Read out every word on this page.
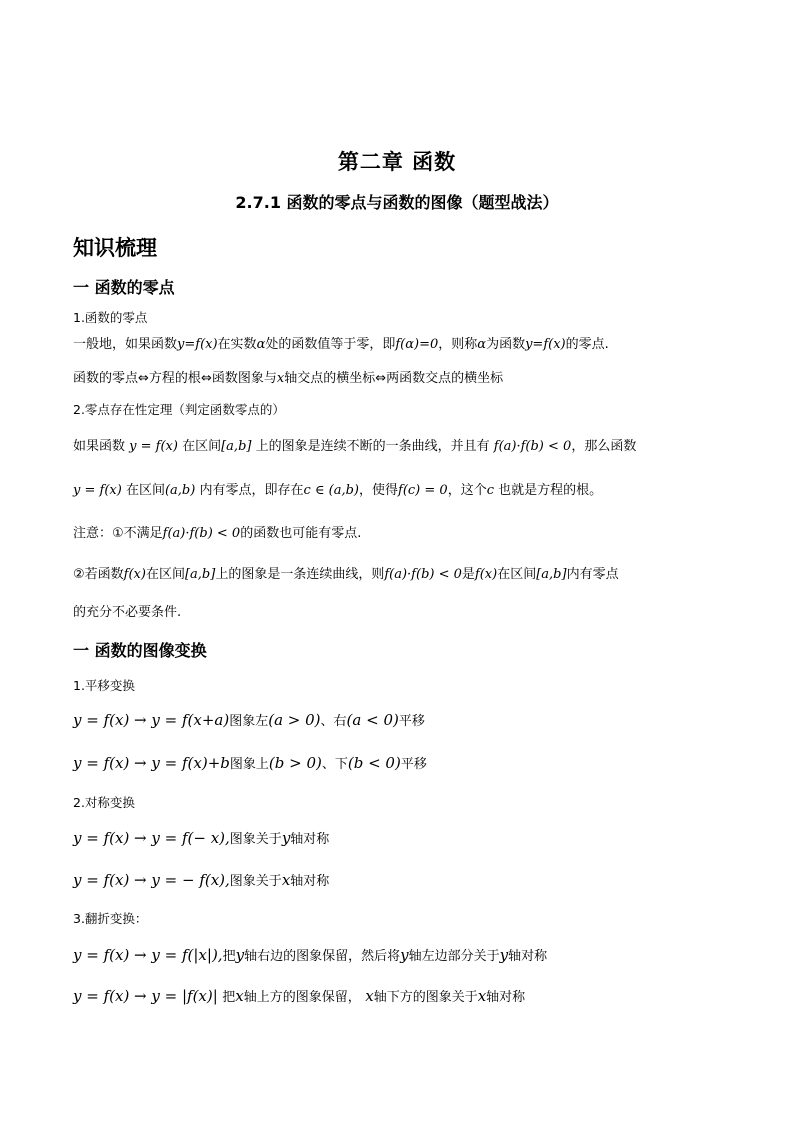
第二章 函数
2.7.1 函数的零点与函数的图像（题型战法）
知识梳理
一 函数的零点
1.函数的零点
一般地，如果函数y=f(x)在实数α处的函数值等于零，即f(α)=0，则称α为函数y=f(x)的零点.
函数的零点⇔方程的根⇔函数图象与x轴交点的横坐标⇔两函数交点的横坐标
2.零点存在性定理（判定函数零点的）
如果函数 y = f(x) 在区间[a,b] 上的图象是连续不断的一条曲线，并且有 f(a)·f(b) < 0，那么函数
y = f(x) 在区间(a,b) 内有零点，即存在c ∈ (a,b)，使得f(c) = 0，这个c 也就是方程的根。
注意：①不满足f(a)·f(b) < 0的函数也可能有零点.
②若函数f(x)在区间[a,b]上的图象是一条连续曲线，则f(a)·f(b) < 0是f(x)在区间[a,b]内有零点
的充分不必要条件.
一 函数的图像变换
1.平移变换
y = f(x) → y = f(x+a)图象左(a > 0)、右(a < 0)平移
y = f(x) → y = f(x)+b图象上(b > 0)、下(b < 0)平移
2.对称变换
y = f(x) → y = f(− x),图象关于y轴对称
y = f(x) → y = − f(x),图象关于x轴对称
3.翻折变换：
y = f(x) → y = f(|x|),把y轴右边的图象保留，然后将y轴左边部分关于y轴对称
y = f(x) → y = |f(x)| 把x轴上方的图象保留， x轴下方的图象关于x轴对称
